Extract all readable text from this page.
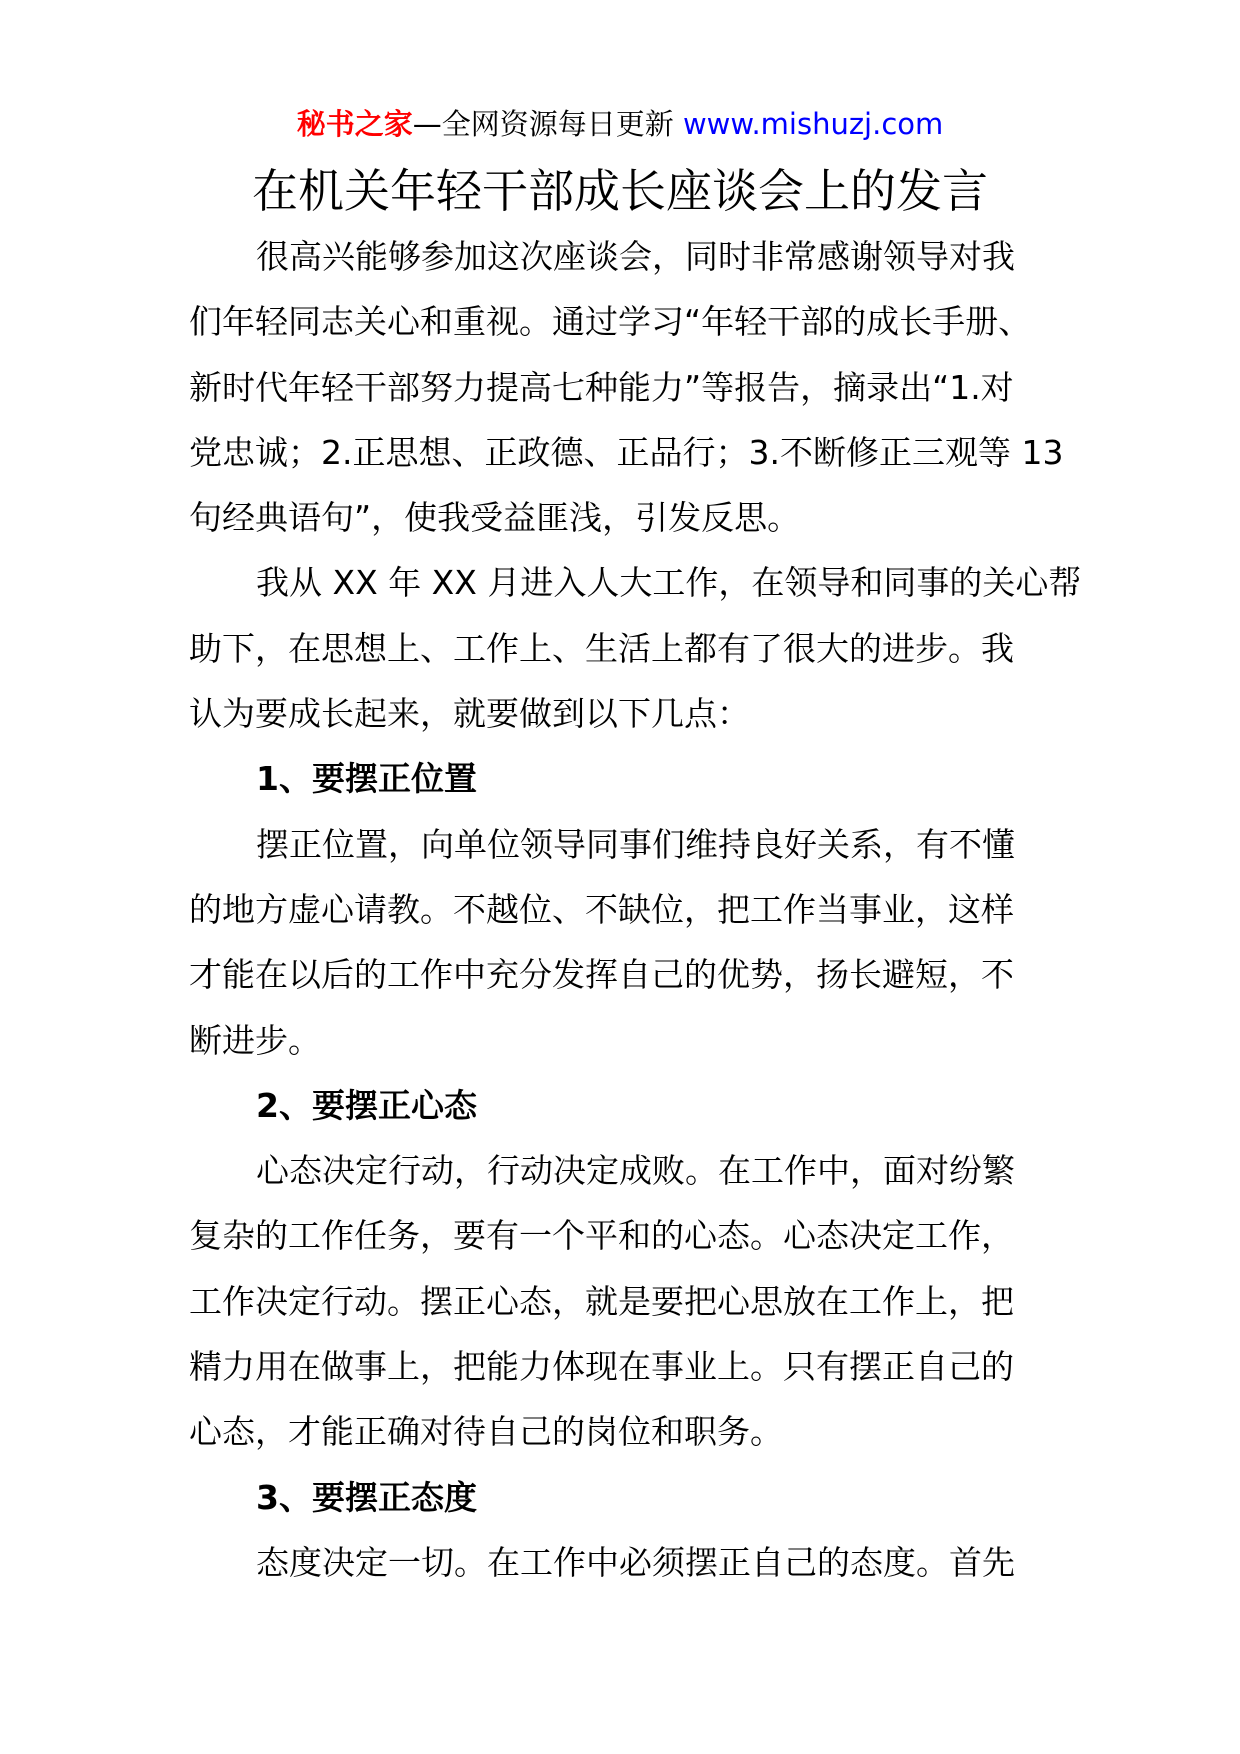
秘书之家—全网资源每日更新 www.mishuzj.com
在机关年轻干部成长座谈会上的发言
很高兴能够参加这次座谈会，同时非常感谢领导对我
们年轻同志关心和重视。通过学习“年轻干部的成长手册、
新时代年轻干部努力提高七种能力”等报告，摘录出“1.对
党忠诚；2.正思想、正政德、正品行；3.不断修正三观等 13
句经典语句”，使我受益匪浅，引发反思。
我从 XX 年 XX 月进入人大工作，在领导和同事的关心帮
助下，在思想上、工作上、生活上都有了很大的进步。我
认为要成长起来，就要做到以下几点：
1、要摆正位置
摆正位置，向单位领导同事们维持良好关系，有不懂
的地方虚心请教。不越位、不缺位，把工作当事业，这样
才能在以后的工作中充分发挥自己的优势，扬长避短，不
断进步。
2、要摆正心态
心态决定行动，行动决定成败。在工作中，面对纷繁
复杂的工作任务，要有一个平和的心态。心态决定工作，
工作决定行动。摆正心态，就是要把心思放在工作上，把
精力用在做事上，把能力体现在事业上。只有摆正自己的
心态，才能正确对待自己的岗位和职务。
3、要摆正态度
态度决定一切。在工作中必须摆正自己的态度。首先
